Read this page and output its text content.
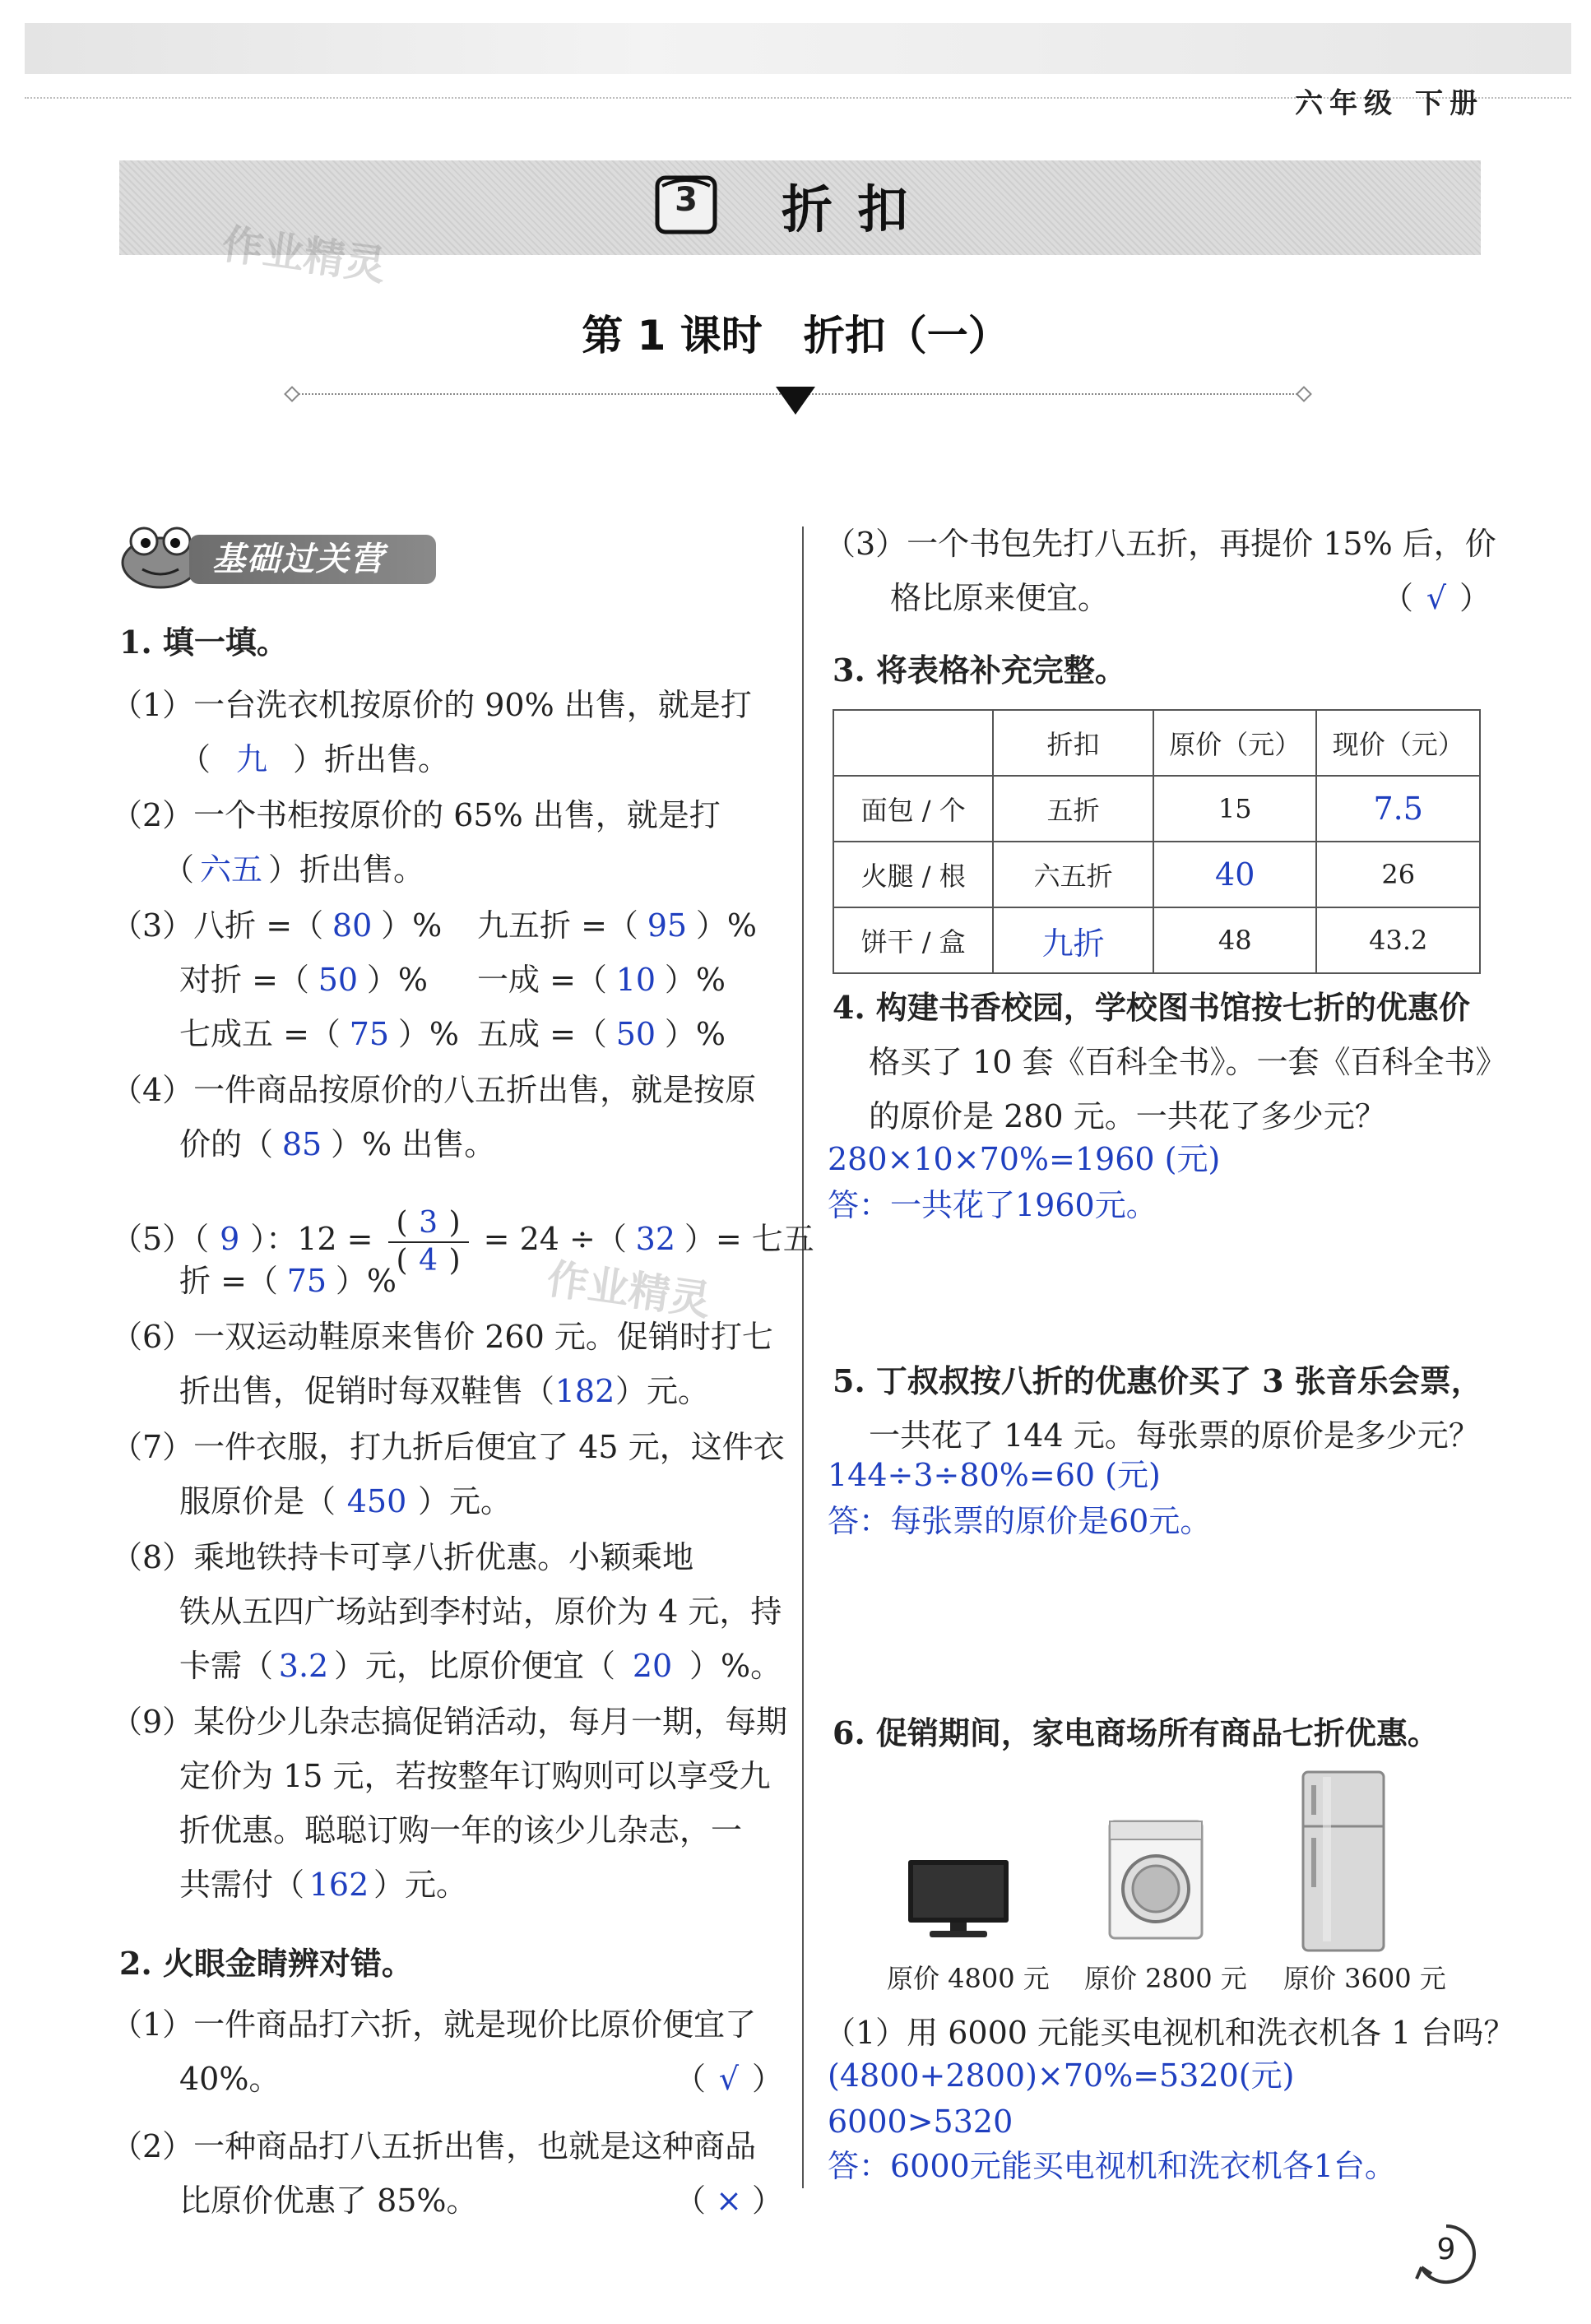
六年级 下册
3	折扣
作业精灵
第 1 课时　折扣（一）
基础过关营
1. 填一填。
（1）一台洗衣机按原价的 90% 出售，就是打
（ 九 ）折出售。
（2）一个书柜按原价的 65% 出售，就是打
（ 六五 ）折出售。
（3）八折 =（ 80 ）% 九五折 =（ 95 ）%
对折 =（ 50 ）% 一成 =（ 10 ）%
七成五 =（ 75 ）% 五成 =（ 50 ）%
（4）一件商品按原价的八五折出售，就是按原
价的（ 85 ）% 出售。
（5）（ 9 ）：$12 = \frac{( 3 )}{( 4 )} = 24$ ÷（ 32 ）= 七五
折 =（ 75 ）%	作业精灵
（6）一双运动鞋原来售价 260 元。促销时打七
折出售，促销时每双鞋售（182）元。
（7）一件衣服，打九折后便宜了 45 元，这件衣
服原价是（ 450 ）元。
（8）乘地铁持卡可享八折优惠。小颖乘地
铁从五四广场站到李村站，原价为 4 元，持
卡需（ 3.2 ）元，比原价便宜（ 20 ）%。
（9）某份少儿杂志搞促销活动，每月一期，每期
定价为 15 元，若按整年订购则可以享受九
折优惠。聪聪订购一年的该少儿杂志，一
共需付（ 162 ）元。
2. 火眼金睛辨对错。
（1）一件商品打六折，就是现价比原价便宜了
40%。	（ √ ）
（2）一种商品打八五折出售，也就是这种商品
比原价优惠了 85%。	（ × ）
（3）一个书包先打八五折，再提价 15% 后，价
格比原来便宜。	（ √ ）
3. 将表格补充完整。
	折扣	原价（元）	现价（元）
面包 / 个	五折	15	7.5
火腿 / 根	六五折	40	26
饼干 / 盒	九折	48	43.2
4. 构建书香校园，学校图书馆按七折的优惠价
格买了 10 套《百科全书》。一套《百科全书》
的原价是 280 元。一共花了多少元？
280×10×70%=1960 (元)
答：一共花了1960元。
5. 丁叔叔按八折的优惠价买了 3 张音乐会票，
一共花了 144 元。每张票的原价是多少元？
144÷3÷80%=60 (元)
答：每张票的原价是60元。
6. 促销期间，家电商场所有商品七折优惠。
原价 4800 元 原价 2800 元 原价 3600 元
（1）用 6000 元能买电视机和洗衣机各 1 台吗？
(4800+2800)×70%=5320(元)
6000>5320
答：6000元能买电视机和洗衣机各1台。
9
